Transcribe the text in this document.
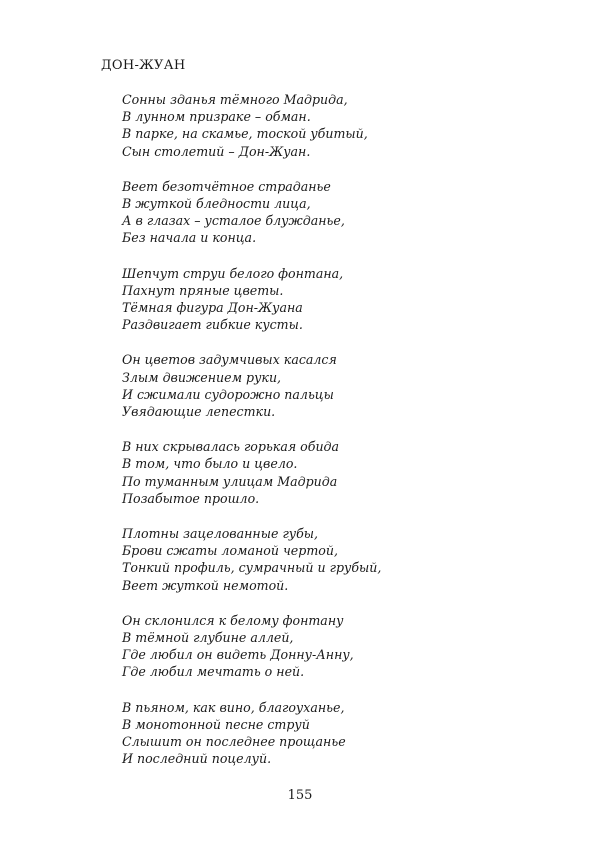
ДОН-ЖУАН
Сонны зданья тёмного Мадрида,
В лунном призраке – обман.
В парке, на скамье, тоской убитый,
Сын столетий – Дон-Жуан.
Веет безотчётное страданье
В жуткой бледности лица,
А в глазах – усталое блужданье,
Без начала и конца.
Шепчут струи белого фонтана,
Пахнут пряные цветы.
Тёмная фигура Дон-Жуана
Раздвигает гибкие кусты.
Он цветов задумчивых касался
Злым движением руки,
И сжимали судорожно пальцы
Увядающие лепестки.
В них скрывалась горькая обида
В том, что было и цвело.
По туманным улицам Мадрида
Позабытое прошло.
Плотны зацелованные губы,
Брови сжаты ломаной чертой,
Тонкий профиль, сумрачный и грубый,
Веет жуткой немотой.
Он склонился к белому фонтану
В тёмной глубине аллей,
Где любил он видеть Донну-Анну,
Где любил мечтать о ней.
В пьяном, как вино, благоуханье,
В монотонной песне струй
Слышит он последнее прощанье
И последний поцелуй.
155
